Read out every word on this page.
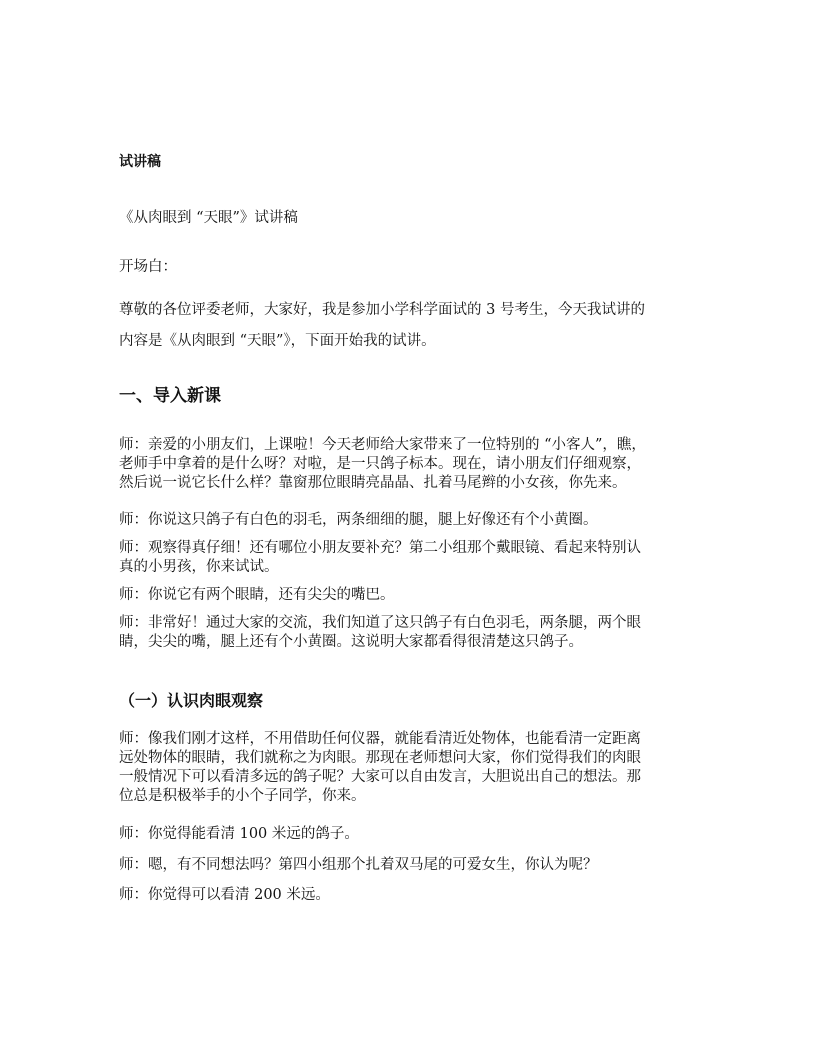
试讲稿

《从肉眼到 “天眼”》试讲稿

开场白：

尊敬的各位评委老师，大家好，我是参加小学科学面试的 3 号考生，今天我试讲的
内容是《从肉眼到 “天眼”》，下面开始我的试讲。
一、导入新课
师：亲爱的小朋友们，上课啦！今天老师给大家带来了一位特别的 “小客人”，瞧，
老师手中拿着的是什么呀？对啦，是一只鸽子标本。现在，请小朋友们仔细观察，
然后说一说它长什么样？靠窗那位眼睛亮晶晶、扎着马尾辫的小女孩，你先来。

师：你说这只鸽子有白色的羽毛，两条细细的腿，腿上好像还有个小黄圈。

师：观察得真仔细！还有哪位小朋友要补充？第二小组那个戴眼镜、看起来特别认
真的小男孩，你来试试。

师：你说它有两个眼睛，还有尖尖的嘴巴。

师：非常好！通过大家的交流，我们知道了这只鸽子有白色羽毛，两条腿，两个眼
睛，尖尖的嘴，腿上还有个小黄圈。这说明大家都看得很清楚这只鸽子。
（一）认识肉眼观察
师：像我们刚才这样，不用借助任何仪器，就能看清近处物体，也能看清一定距离
远处物体的眼睛，我们就称之为肉眼。那现在老师想问大家，你们觉得我们的肉眼
一般情况下可以看清多远的鸽子呢？大家可以自由发言，大胆说出自己的想法。那
位总是积极举手的小个子同学，你来。

师：你觉得能看清 100 米远的鸽子。

师：嗯，有不同想法吗？第四小组那个扎着双马尾的可爱女生，你认为呢？

师：你觉得可以看清 200 米远。
